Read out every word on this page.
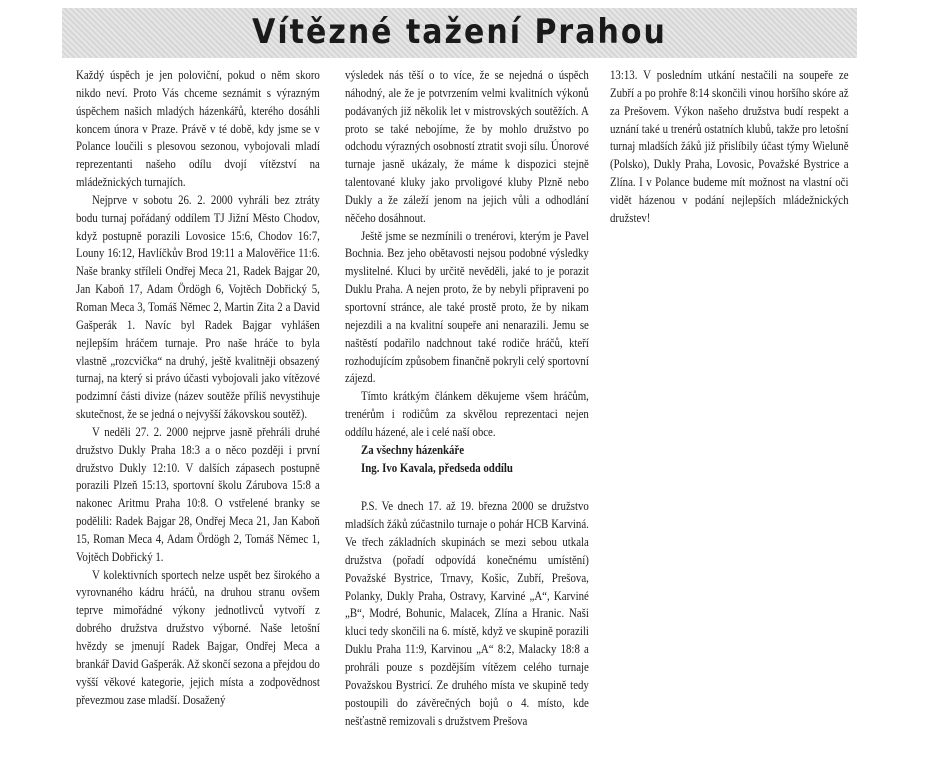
Vítězné tažení Prahou

Každý úspěch je jen poloviční, pokud o něm skoro nikdo neví. Proto Vás chceme seznámit s výrazným úspěchem našich mladých házenkářů, kterého dosáhli koncem února v Praze. Právě v té době, kdy jsme se v Polance loučili s plesovou sezonou, vybojovali mladí reprezentanti našeho odílu dvojí vítězství na mládežnických turnajích.

Nejprve v sobotu 26. 2. 2000 vyhráli bez ztráty bodu turnaj pořádaný oddílem TJ Jižní Město Chodov, když postupně porazili Lovosice 15:6, Chodov 16:7, Louny 16:12, Havlíčkův Brod 19:11 a Malověřice 11:6. Naše branky stříleli Ondřej Meca 21, Radek Bajgar 20, Jan Kaboň 17, Adam Ördögh 6, Vojtěch Dobřický 5, Roman Meca 3, Tomáš Němec 2, Martin Zita 2 a David Gašperák 1. Navíc byl Radek Bajgar vyhlášen nejlepším hráčem turnaje. Pro naše hráče to byla vlastně „rozcvička“ na druhý, ještě kvalitněji obsazený turnaj, na který si právo účasti vybojovali jako vítězové podzimní části divize (název soutěže příliš nevystihuje skutečnost, že se jedná o nejvyšší žákovskou soutěž).

V neděli 27. 2. 2000 nejprve jasně přehráli druhé družstvo Dukly Praha 18:3 a o něco později i první družstvo Dukly 12:10. V dalších zápasech postupně porazili Plzeň 15:13, sportovní školu Zárubova 15:8 a nakonec Aritmu Praha 10:8. O vstřelené branky se podělili: Radek Bajgar 28, Ondřej Meca 21, Jan Kaboň 15, Roman Meca 4, Adam Ördögh 2, Tomáš Němec 1, Vojtěch Dobřický 1.

V kolektivních sportech nelze uspět bez širokého a vyrovnaného kádru hráčů, na druhou stranu ovšem teprve mimořádné výkony jednotlivců vytvoří z dobrého družstva družstvo výborné. Naše letošní hvězdy se jmenují Radek Bajgar, Ondřej Meca a brankář David Gašperák. Až skončí sezona a přejdou do vyšší věkové kategorie, jejich místa a zodpovědnost převezmou zase mladší. Dosažený

výsledek nás těší o to více, že se nejedná o úspěch náhodný, ale že je potvrzením velmi kvalitních výkonů podávaných již několik let v mistrovských soutěžích. A proto se také nebojíme, že by mohlo družstvo po odchodu výrazných osobností ztratit svoji sílu. Únorové turnaje jasně ukázaly, že máme k dispozici stejně talentované kluky jako prvoligové kluby Plzně nebo Dukly a že záleží jenom na jejich vůli a odhodlání něčeho dosáhnout.

Ještě jsme se nezmínili o trenérovi, kterým je Pavel Bochnia. Bez jeho obětavosti nejsou podobné výsledky myslitelné. Kluci by určitě nevěděli, jaké to je porazit Duklu Praha. A nejen proto, že by nebyli připraveni po sportovní stránce, ale také prostě proto, že by nikam nejezdili a na kvalitní soupeře ani nenarazili. Jemu se naštěstí podařilo nadchnout také rodiče hráčů, kteří rozhodujícím způsobem finančně pokryli celý sportovní zájezd.

Tímto krátkým článkem děkujeme všem hráčům, trenérům i rodičům za skvělou reprezentaci nejen oddílu házené, ale i celé naší obce.

Za všechny házenkáře

Ing. Ivo Kavala, předseda oddílu

P.S. Ve dnech 17. až 19. března 2000 se družstvo mladších žáků zúčastnilo turnaje o pohár HCB Karviná. Ve třech základních skupinách se mezi sebou utkala družstva (pořadí odpovídá konečnému umístění) Považské Bystrice, Trnavy, Košic, Zubří, Prešova, Polanky, Dukly Praha, Ostravy, Karviné „A“, Karviné „B“, Modré, Bohunic, Malacek, Zlína a Hranic. Naši kluci tedy skončili na 6. místě, když ve skupině porazili Duklu Praha 11:9, Karvinou „A“ 8:2, Malacky 18:8 a prohráli pouze s pozdějším vítězem celého turnaje Považskou Bystricí. Ze druhého místa ve skupině tedy postoupili do závěrečných bojů o 4. místo, kde nešťastně remizovali s družstvem Prešova

13:13. V posledním utkání nestačili na soupeře ze Zubří a po prohře 8:14 skončili vinou horšího skóre až za Prešovem. Výkon našeho družstva budí respekt a uznání také u trenérů ostatních klubů, takže pro letošní turnaj mladších žáků již přislíbily účast týmy Wieluně (Polsko), Dukly Praha, Lovosic, Považské Bystrice a Zlína. I v Polance budeme mít možnost na vlastní oči vidět házenou v podání nejlepších mládežnických družstev!
